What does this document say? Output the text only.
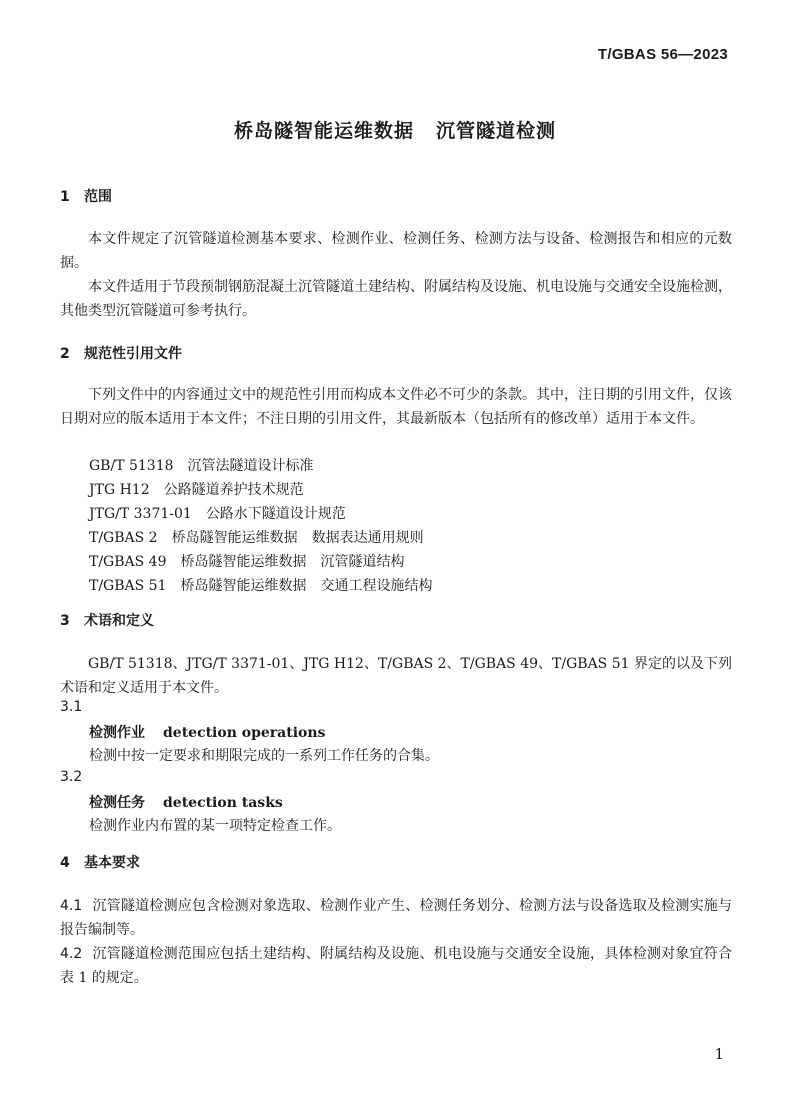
T/GBAS 56—2023
桥岛隧智能运维数据 沉管隧道检测
1 范围
本文件规定了沉管隧道检测基本要求、检测作业、检测任务、检测方法与设备、检测报告和相应的元数据。
本文件适用于节段预制钢筋混凝土沉管隧道土建结构、附属结构及设施、机电设施与交通安全设施检测，其他类型沉管隧道可参考执行。
2 规范性引用文件
下列文件中的内容通过文中的规范性引用而构成本文件必不可少的条款。其中，注日期的引用文件，仅该日期对应的版本适用于本文件；不注日期的引用文件，其最新版本（包括所有的修改单）适用于本文件。
GB/T 51318 沉管法隧道设计标准
JTG H12 公路隧道养护技术规范
JTG/T 3371-01 公路水下隧道设计规范
T/GBAS 2 桥岛隧智能运维数据　数据表达通用规则
T/GBAS 49 桥岛隧智能运维数据　沉管隧道结构
T/GBAS 51 桥岛隧智能运维数据　交通工程设施结构
3 术语和定义
GB/T 51318、JTG/T 3371-01、JTG H12、T/GBAS 2、T/GBAS 49、T/GBAS 51 界定的以及下列术语和定义适用于本文件。
3.1
检测作业 detection operations
检测中按一定要求和期限完成的一系列工作任务的合集。
3.2
检测任务 detection tasks
检测作业内布置的某一项特定检查工作。
4 基本要求
4.1 沉管隧道检测应包含检测对象选取、检测作业产生、检测任务划分、检测方法与设备选取及检测实施与报告编制等。
4.2 沉管隧道检测范围应包括土建结构、附属结构及设施、机电设施与交通安全设施，具体检测对象宜符合表 1 的规定。
1
